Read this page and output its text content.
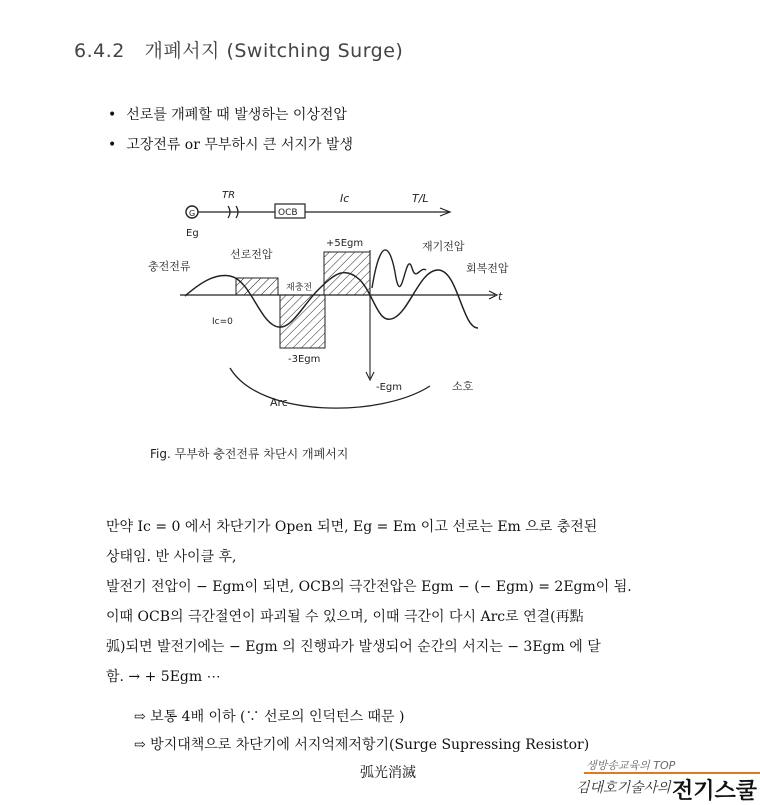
6.4.2 개폐서지 (Switching Surge)
• 선로를 개폐할 때 발생하는 이상전압
• 고장전류 or 무부하시 큰 서지가 발생
G	OCB
TR	Ic	T/L
Eg
t
충전전류
선로전압
재충전
+5Egm
-3Egm
재기전압
회복전압
Ic=0
Arc
-Egm	소호
Fig. 무부하 충전전류 차단시 개폐서지
만약 Ic = 0 에서 차단기가 Open 되면, Eg = Em 이고 선로는 Em 으로 충전된
상태임. 반 사이클 후,
발전기 전압이 − Egm이 되면, OCB의 극간전압은 Egm − (− Egm) = 2Egm이 됨.
이때 OCB의 극간절연이 파괴될 수 있으며, 이때 극간이 다시 Arc로 연결(再點
弧)되면 발전기에는 − Egm 의 진행파가 발생되어 순간의 서지는 − 3Egm 에 달
함. → + 5Egm ⋯
⇨ 보통 4배 이하 (∵ 선로의 인덕턴스 때문 )
⇨ 방지대책으로 차단기에 서지억제저항기(Surge Supressing Resistor)
弧光消滅	생방송교육의 TOP
김대호기술사의 전기스쿨
